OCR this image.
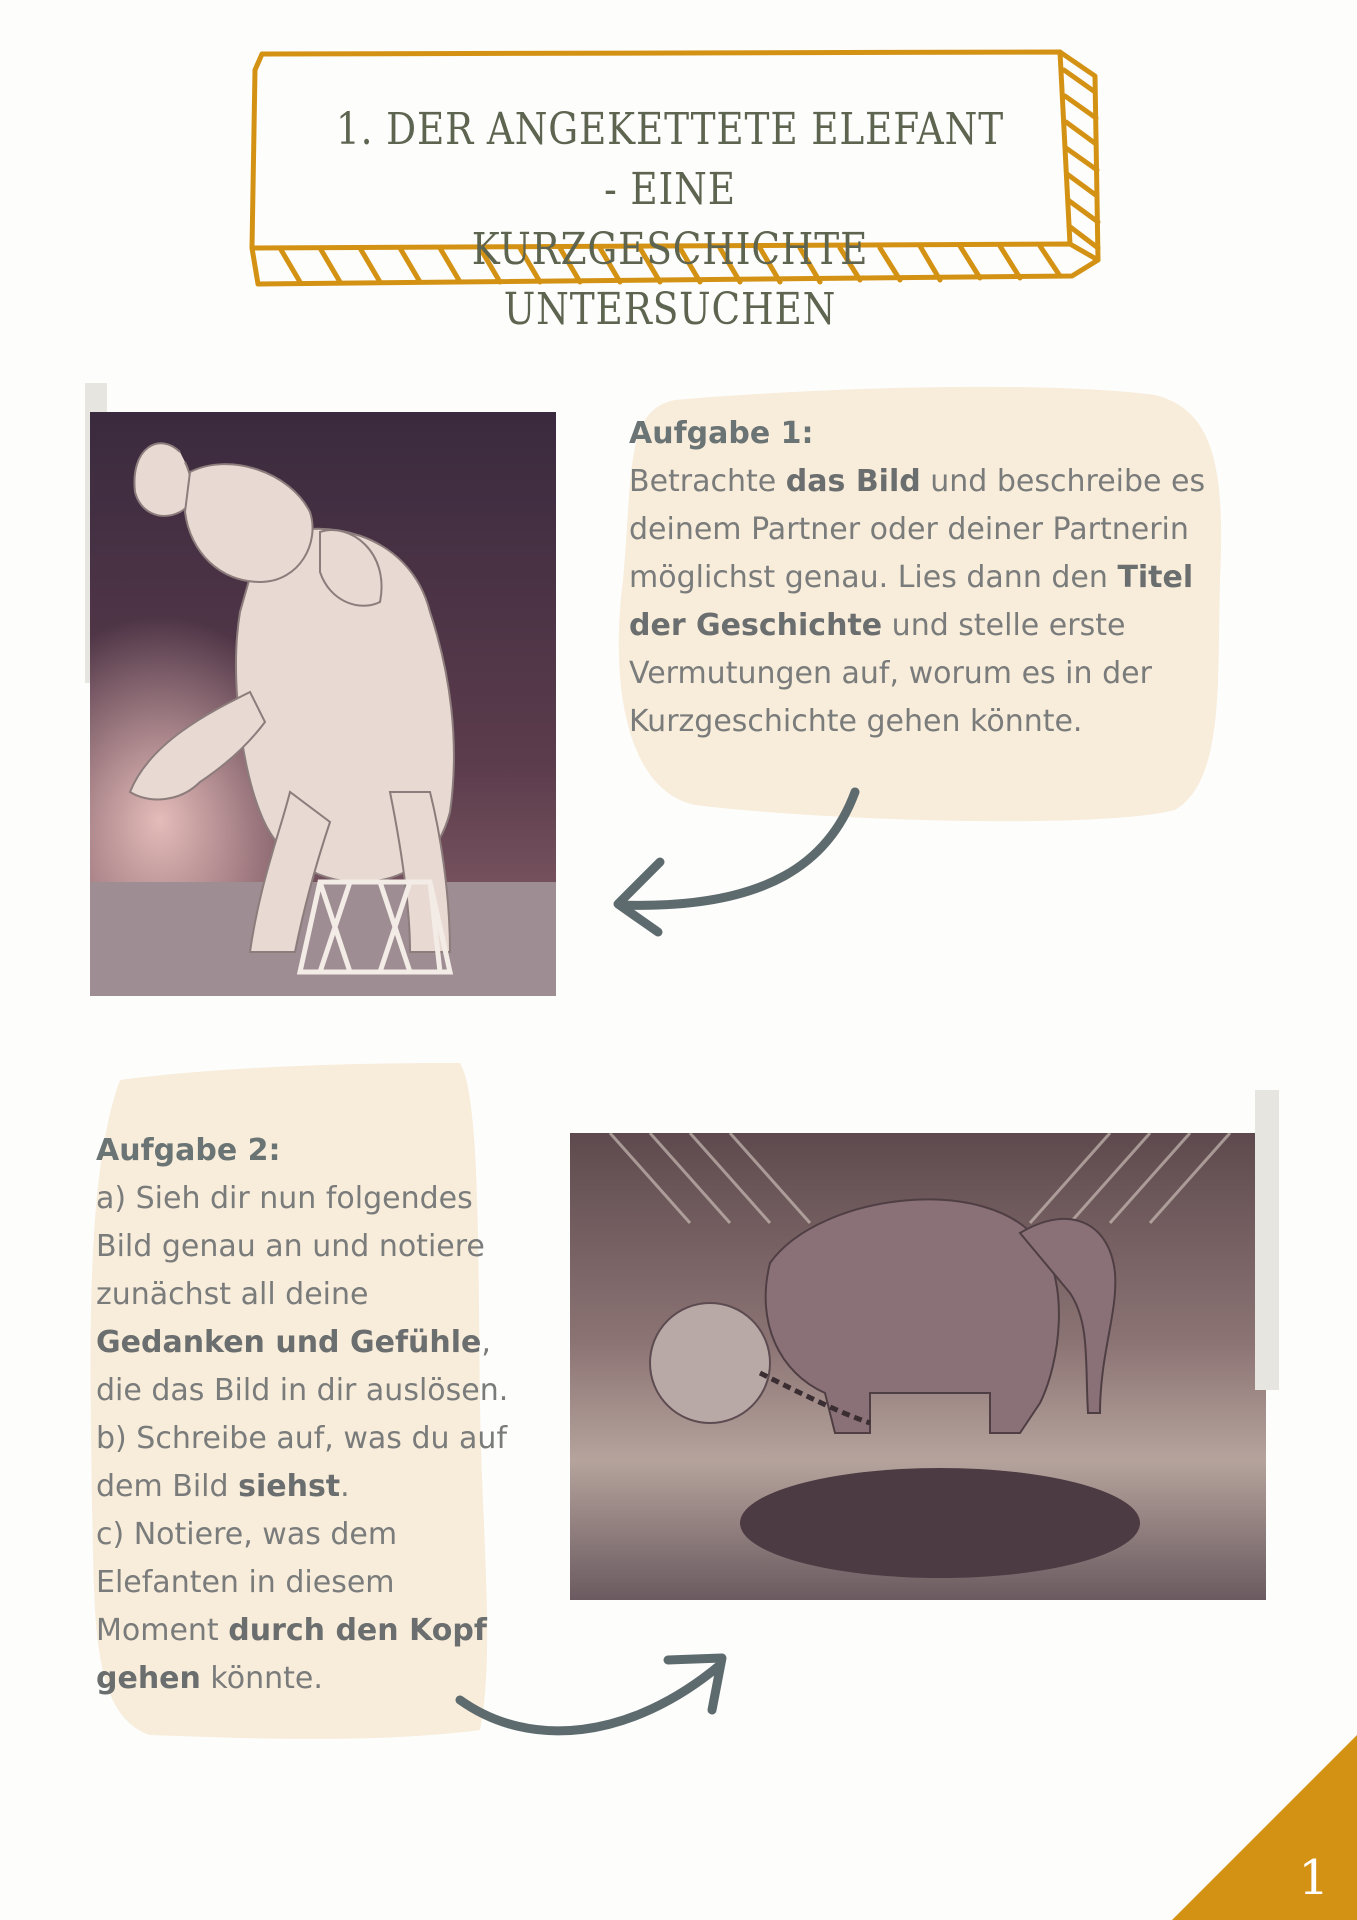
1. DER ANGEKETTETE ELEFANT - EINE
KURZGESCHICHTE UNTERSUCHEN
Aufgabe 1:
Betrachte das Bild und beschreibe es
deinem Partner oder deiner Partnerin
möglichst genau. Lies dann den Titel
der Geschichte und stelle erste
Vermutungen auf, worum es in der
Kurzgeschichte gehen könnte.
Aufgabe 2:
a) Sieh dir nun folgendes
Bild genau an und notiere
zunächst all deine
Gedanken und Gefühle,
die das Bild in dir auslösen.
b) Schreibe auf, was du auf
dem Bild siehst.
c) Notiere, was dem
Elefanten in diesem
Moment durch den Kopf
gehen könnte.
1
